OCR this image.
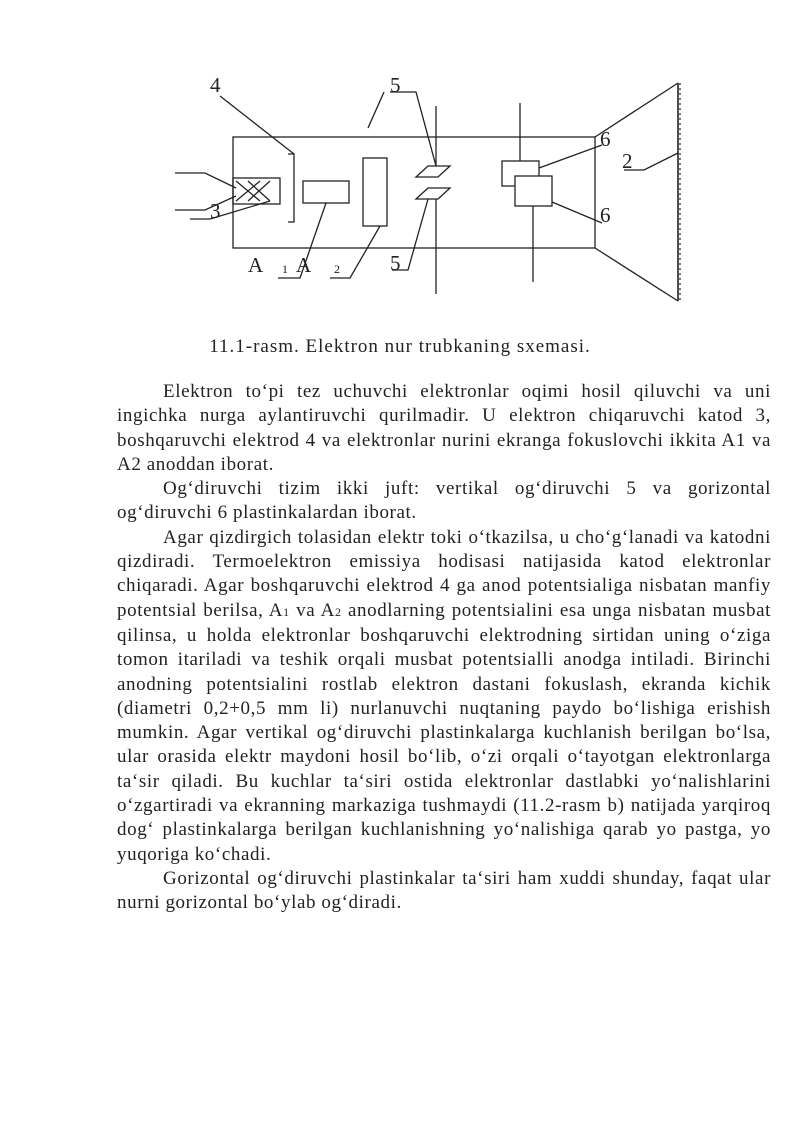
4	5
6
2
6
3
A A	5
1	2
11.1-rasm. Elektron nur trubkaning sxemasi.

Elektron to‘pi tez uchuvchi elektronlar oqimi hosil qiluvchi va uni ingichka nurga aylantiruvchi qurilmadir. U elektron chiqaruvchi katod 3, boshqaruvchi elektrod 4 va elektronlar nurini ekranga fokuslovchi ikkita A1 va A2 anoddan iborat.

Og‘diruvchi tizim ikki juft: vertikal og‘diruvchi 5 va gorizontal og‘diruvchi 6 plastinkalardan iborat.

Agar qizdirgich tolasidan elektr toki o‘tkazilsa, u cho‘g‘lanadi va katodni qizdiradi. Termoelektron emissiya hodisasi natijasida katod elektronlar chiqaradi. Agar boshqaruvchi elektrod 4 ga anod potentsialiga nisbatan manfiy potentsial berilsa, A1 va A2 anodlarning potentsialini esa unga nisbatan musbat qilinsa, u holda elektronlar boshqaruvchi elektrodning sirtidan uning o‘ziga tomon itariladi va teshik orqali musbat potentsialli anodga intiladi. Birinchi anodning potentsialini rostlab elektron dastani fokuslash, ekranda kichik (diametri 0,2+0,5 mm li) nurlanuvchi nuqtaning paydo bo‘lishiga erishish mumkin. Agar vertikal og‘diruvchi plastinkalarga kuchlanish berilgan bo‘lsa, ular orasida elektr maydoni hosil bo‘lib, o‘zi orqali o‘tayotgan elektronlarga ta‘sir qiladi. Bu kuchlar ta‘siri ostida elektronlar dastlabki yo‘nalishlarini o‘zgartiradi va ekranning markaziga tushmaydi (11.2-rasm b) natijada yarqiroq dog‘ plastinkalarga berilgan kuchlanishning yo‘nalishiga qarab yo pastga, yo yuqoriga ko‘chadi.

Gorizontal og‘diruvchi plastinkalar ta‘siri ham xuddi shunday, faqat ular nurni gorizontal bo‘ylab og‘diradi.
